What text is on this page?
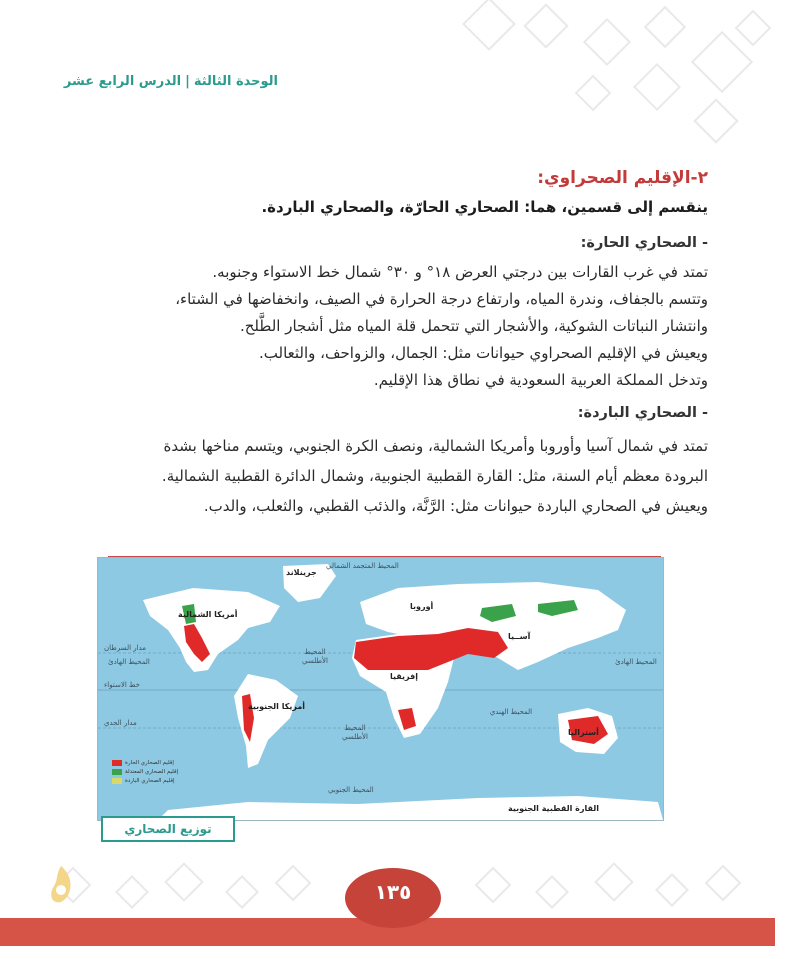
الوحدة الثالثة|الدرس الرابع عشر
٢-الإقليم الصحراوي:
ينقسم إلى قسمين، هما: الصحاري الحارّة، والصحاري الباردة.
- الصحاري الحارة:

تمتد في غرب القارات بين درجتي العرض ١٨° و ٣٠° شمال خط الاستواء وجنوبه.

وتتسم بالجفاف، وندرة المياه، وارتفاع درجة الحرارة في الصيف، وانخفاضها في الشتاء،

وانتشار النباتات الشوكية، والأشجار التي تتحمل قلة المياه مثل أشجار الطَّلح.

ويعيش في الإقليم الصحراوي حيوانات مثل: الجمال، والزواحف، والثعالب.

وتدخل المملكة العربية السعودية في نطاق هذا الإقليم.

- الصحاري الباردة:

تمتد في شمال آسيا وأوروبا وأمريكا الشمالية، ونصف الكرة الجنوبي، ويتسم مناخها بشدة

البرودة معظم أيام السنة، مثل: القارة القطبية الجنوبية، وشمال الدائرة القطبية الشمالية.

ويعيش في الصحاري الباردة حيوانات مثل: الرَّنَّة، والذئب القطبي، والثعلب، والدب.

جرينلاند
أمريكا الشمالية
أوروبا
آســيا
إفريقيا
أمريكا الجنوبية
أستراليا
القارة القطبية الجنوبية
المحيط المتجمد الشمالي
المحيط الهادئ	المحيط الهادئ
المحيط الأطلسي
المحيط الأطلسي
المحيط الهندي
المحيط الجنوبي
مدار السرطان
خط الاستواء
مدار الجدي
إقليم الصحاري الحارة
إقليم الصحاري المعتدلة
إقليم الصحاري الباردة
توزيع الصحاري
١٣٥
